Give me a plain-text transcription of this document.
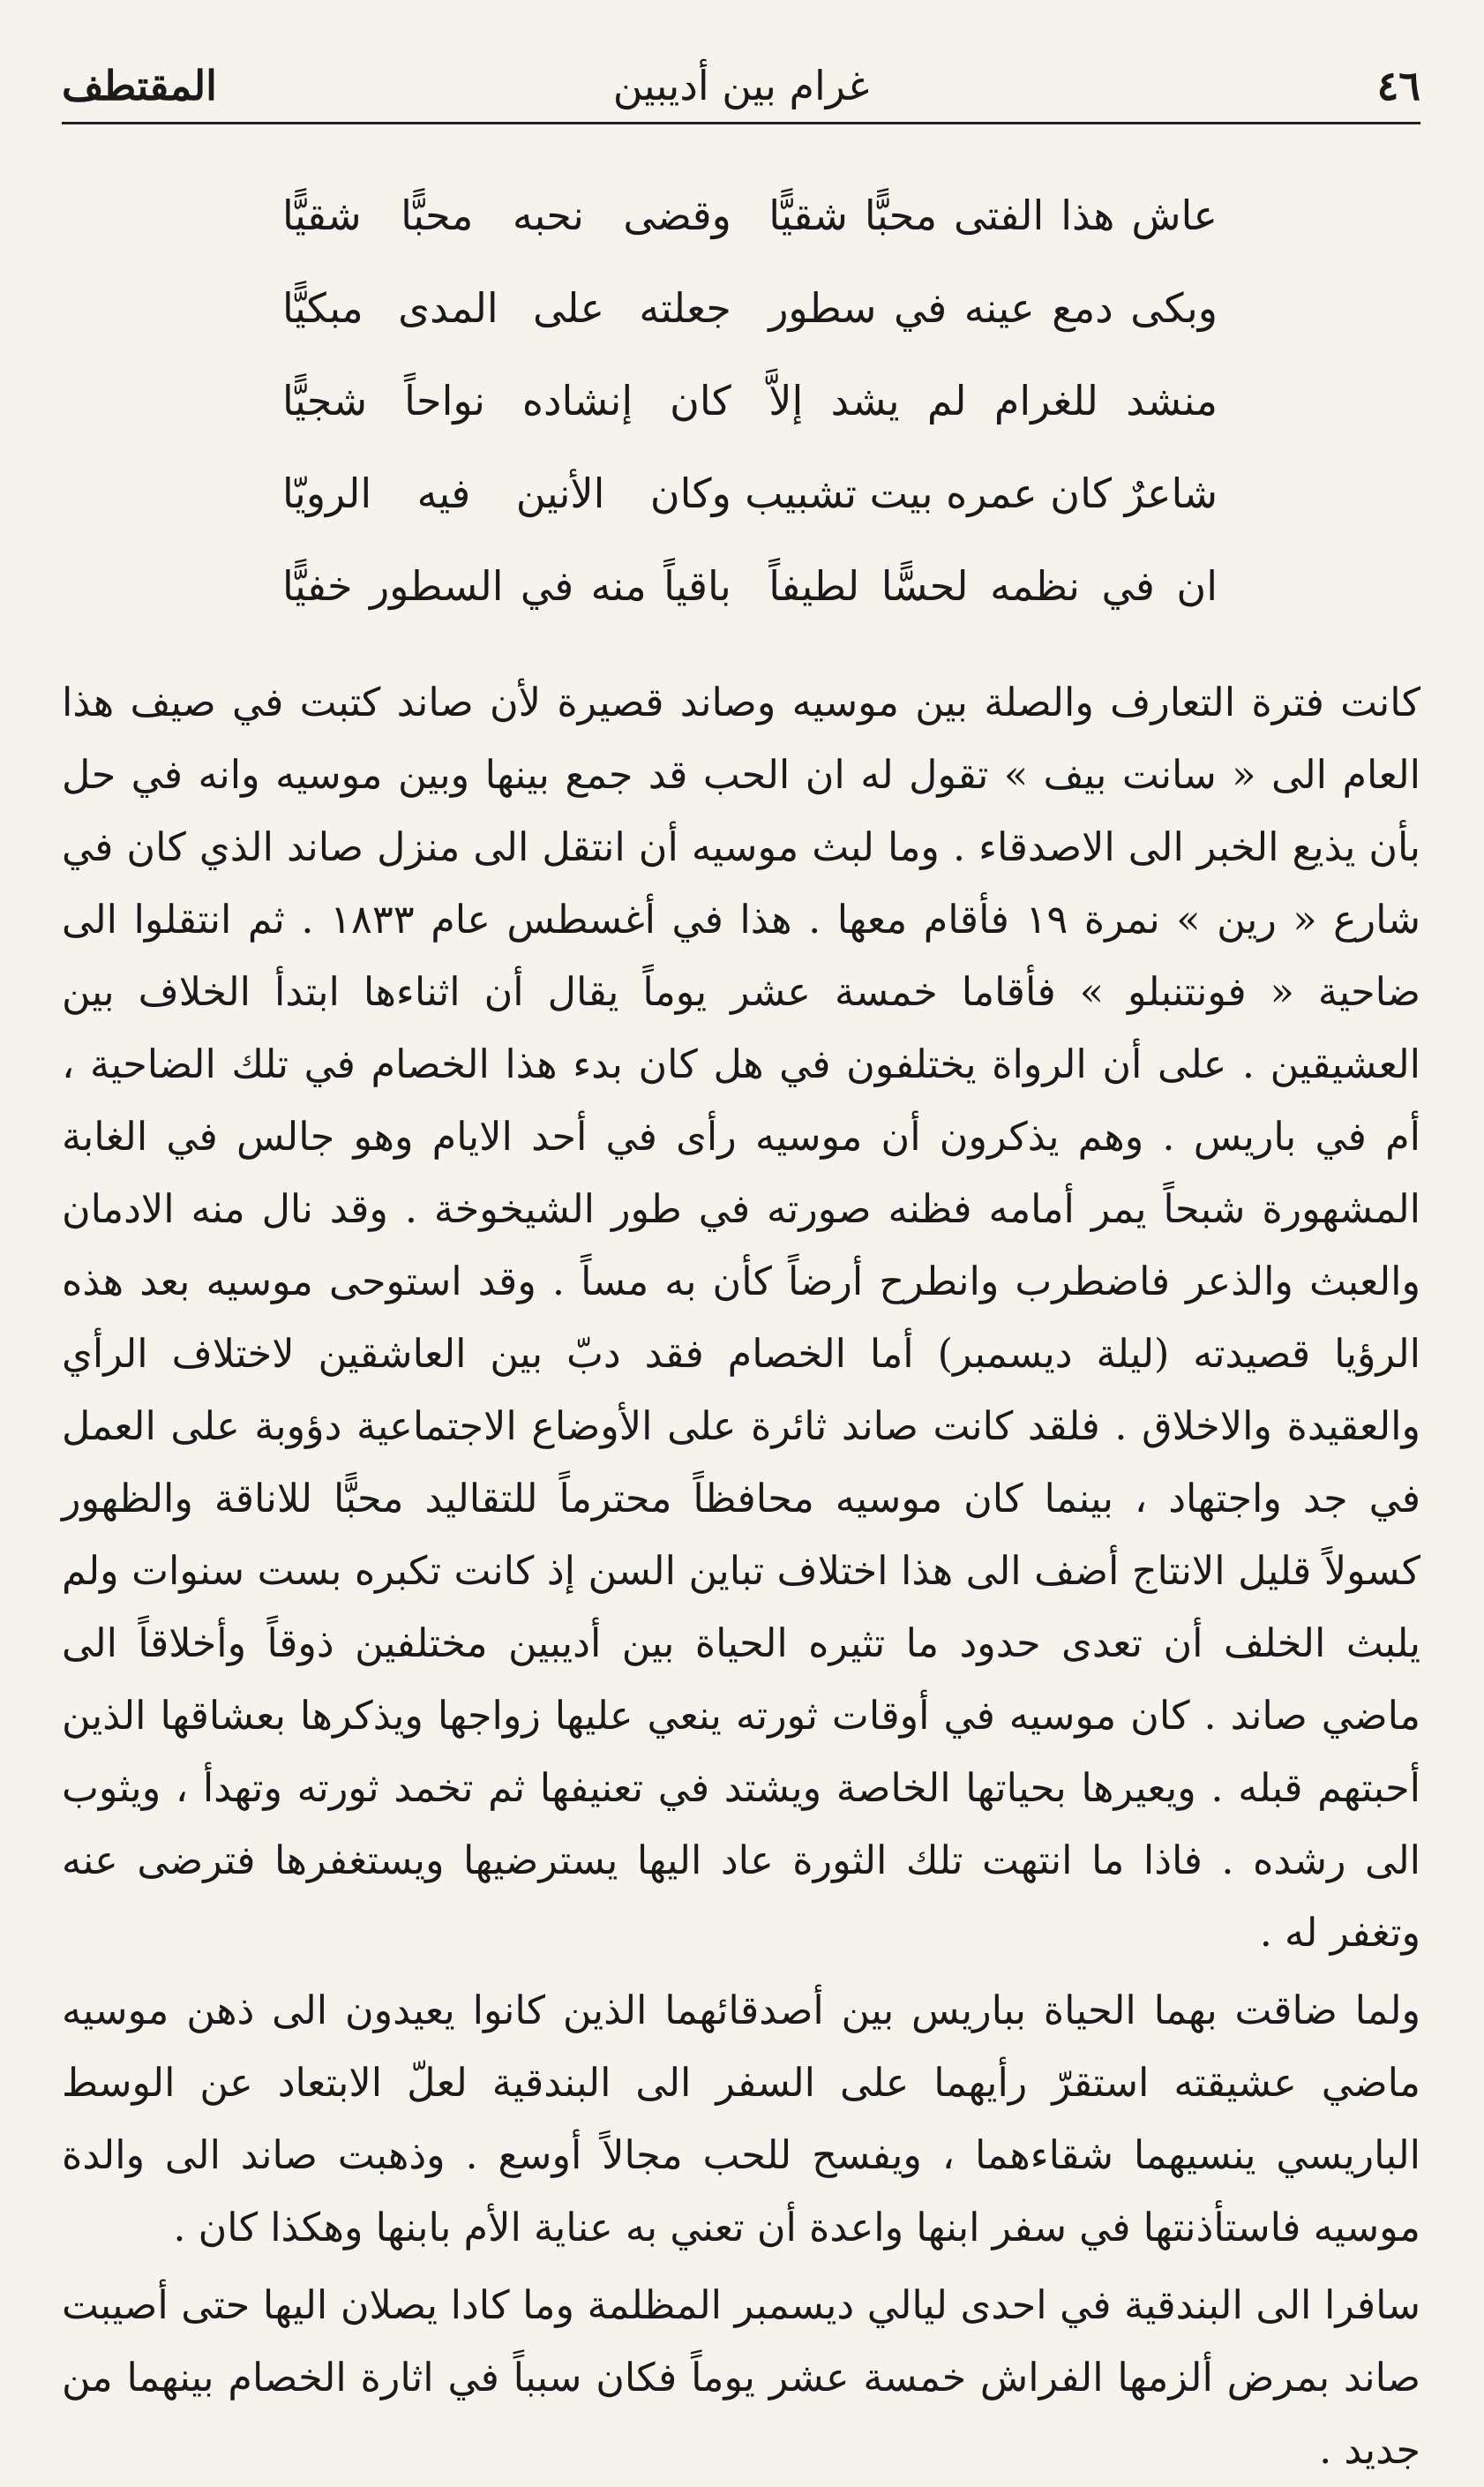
٤٦
غرام بين أديبين
المقتطف
عاش هذا الفتى محبًّا شقيًّا
وقضى نحبه محبًّا شقيًّا
وبكى دمع عينه في سطور
جعلته على المدى مبكيًّا
منشد للغرام لم يشد إلاَّ
كان إنشاده نواحاً شجيًّا
شاعرٌ كان عمره بيت تشبيب
وكان الأنين فيه الرويّا
ان في نظمه لحسًّا لطيفاً
باقياً منه في السطور خفيًّا

كانت فترة التعارف والصلة بين موسيه وصاند قصيرة لأن صاند كتبت في صيف هذا العام الى « سانت بيف » تقول له ان الحب قد جمع بينها وبين موسيه وانه في حل بأن يذيع الخبر الى الاصدقاء . وما لبث موسيه أن انتقل الى منزل صاند الذي كان في شارع « رين » نمرة ١٩ فأقام معها . هذا في أغسطس عام ١٨٣٣ . ثم انتقلوا الى ضاحية « فونتنبلو » فأقاما خمسة عشر يوماً يقال أن اثناءها ابتدأ الخلاف بين العشيقين . على أن الرواة يختلفون في هل كان بدء هذا الخصام في تلك الضاحية ، أم في باريس . وهم يذكرون أن موسيه رأى في أحد الايام وهو جالس في الغابة المشهورة شبحاً يمر أمامه فظنه صورته في طور الشيخوخة . وقد نال منه الادمان والعبث والذعر فاضطرب وانطرح أرضاً كأن به مساً . وقد استوحى موسيه بعد هذه الرؤيا قصيدته (ليلة ديسمبر) أما الخصام فقد دبّ بين العاشقين لاختلاف الرأي والعقيدة والاخلاق . فلقد كانت صاند ثائرة على الأوضاع الاجتماعية دؤوبة على العمل في جد واجتهاد ، بينما كان موسيه محافظاً محترماً للتقاليد محبًّا للاناقة والظهور كسولاً قليل الانتاج أضف الى هذا اختلاف تباين السن إذ كانت تكبره بست سنوات ولم يلبث الخلف أن تعدى حدود ما تثيره الحياة بين أديبين مختلفين ذوقاً وأخلاقاً الى ماضي صاند . كان موسيه في أوقات ثورته ينعي عليها زواجها ويذكرها بعشاقها الذين أحبتهم قبله . ويعيرها بحياتها الخاصة ويشتد في تعنيفها ثم تخمد ثورته وتهدأ ، ويثوب الى رشده . فاذا ما انتهت تلك الثورة عاد اليها يسترضيها ويستغفرها فترضى عنه وتغفر له .

ولما ضاقت بهما الحياة بباريس بين أصدقائهما الذين كانوا يعيدون الى ذهن موسيه ماضي عشيقته استقرّ رأيهما على السفر الى البندقية لعلّ الابتعاد عن الوسط الباريسي ينسيهما شقاءهما ، ويفسح للحب مجالاً أوسع . وذهبت صاند الى والدة موسيه فاستأذنتها في سفر ابنها واعدة أن تعني به عناية الأم بابنها وهكذا كان .

سافرا الى البندقية في احدى ليالي ديسمبر المظلمة وما كادا يصلان اليها حتى أصيبت صاند بمرض ألزمها الفراش خمسة عشر يوماً فكان سبباً في اثارة الخصام بينهما من جديد .
